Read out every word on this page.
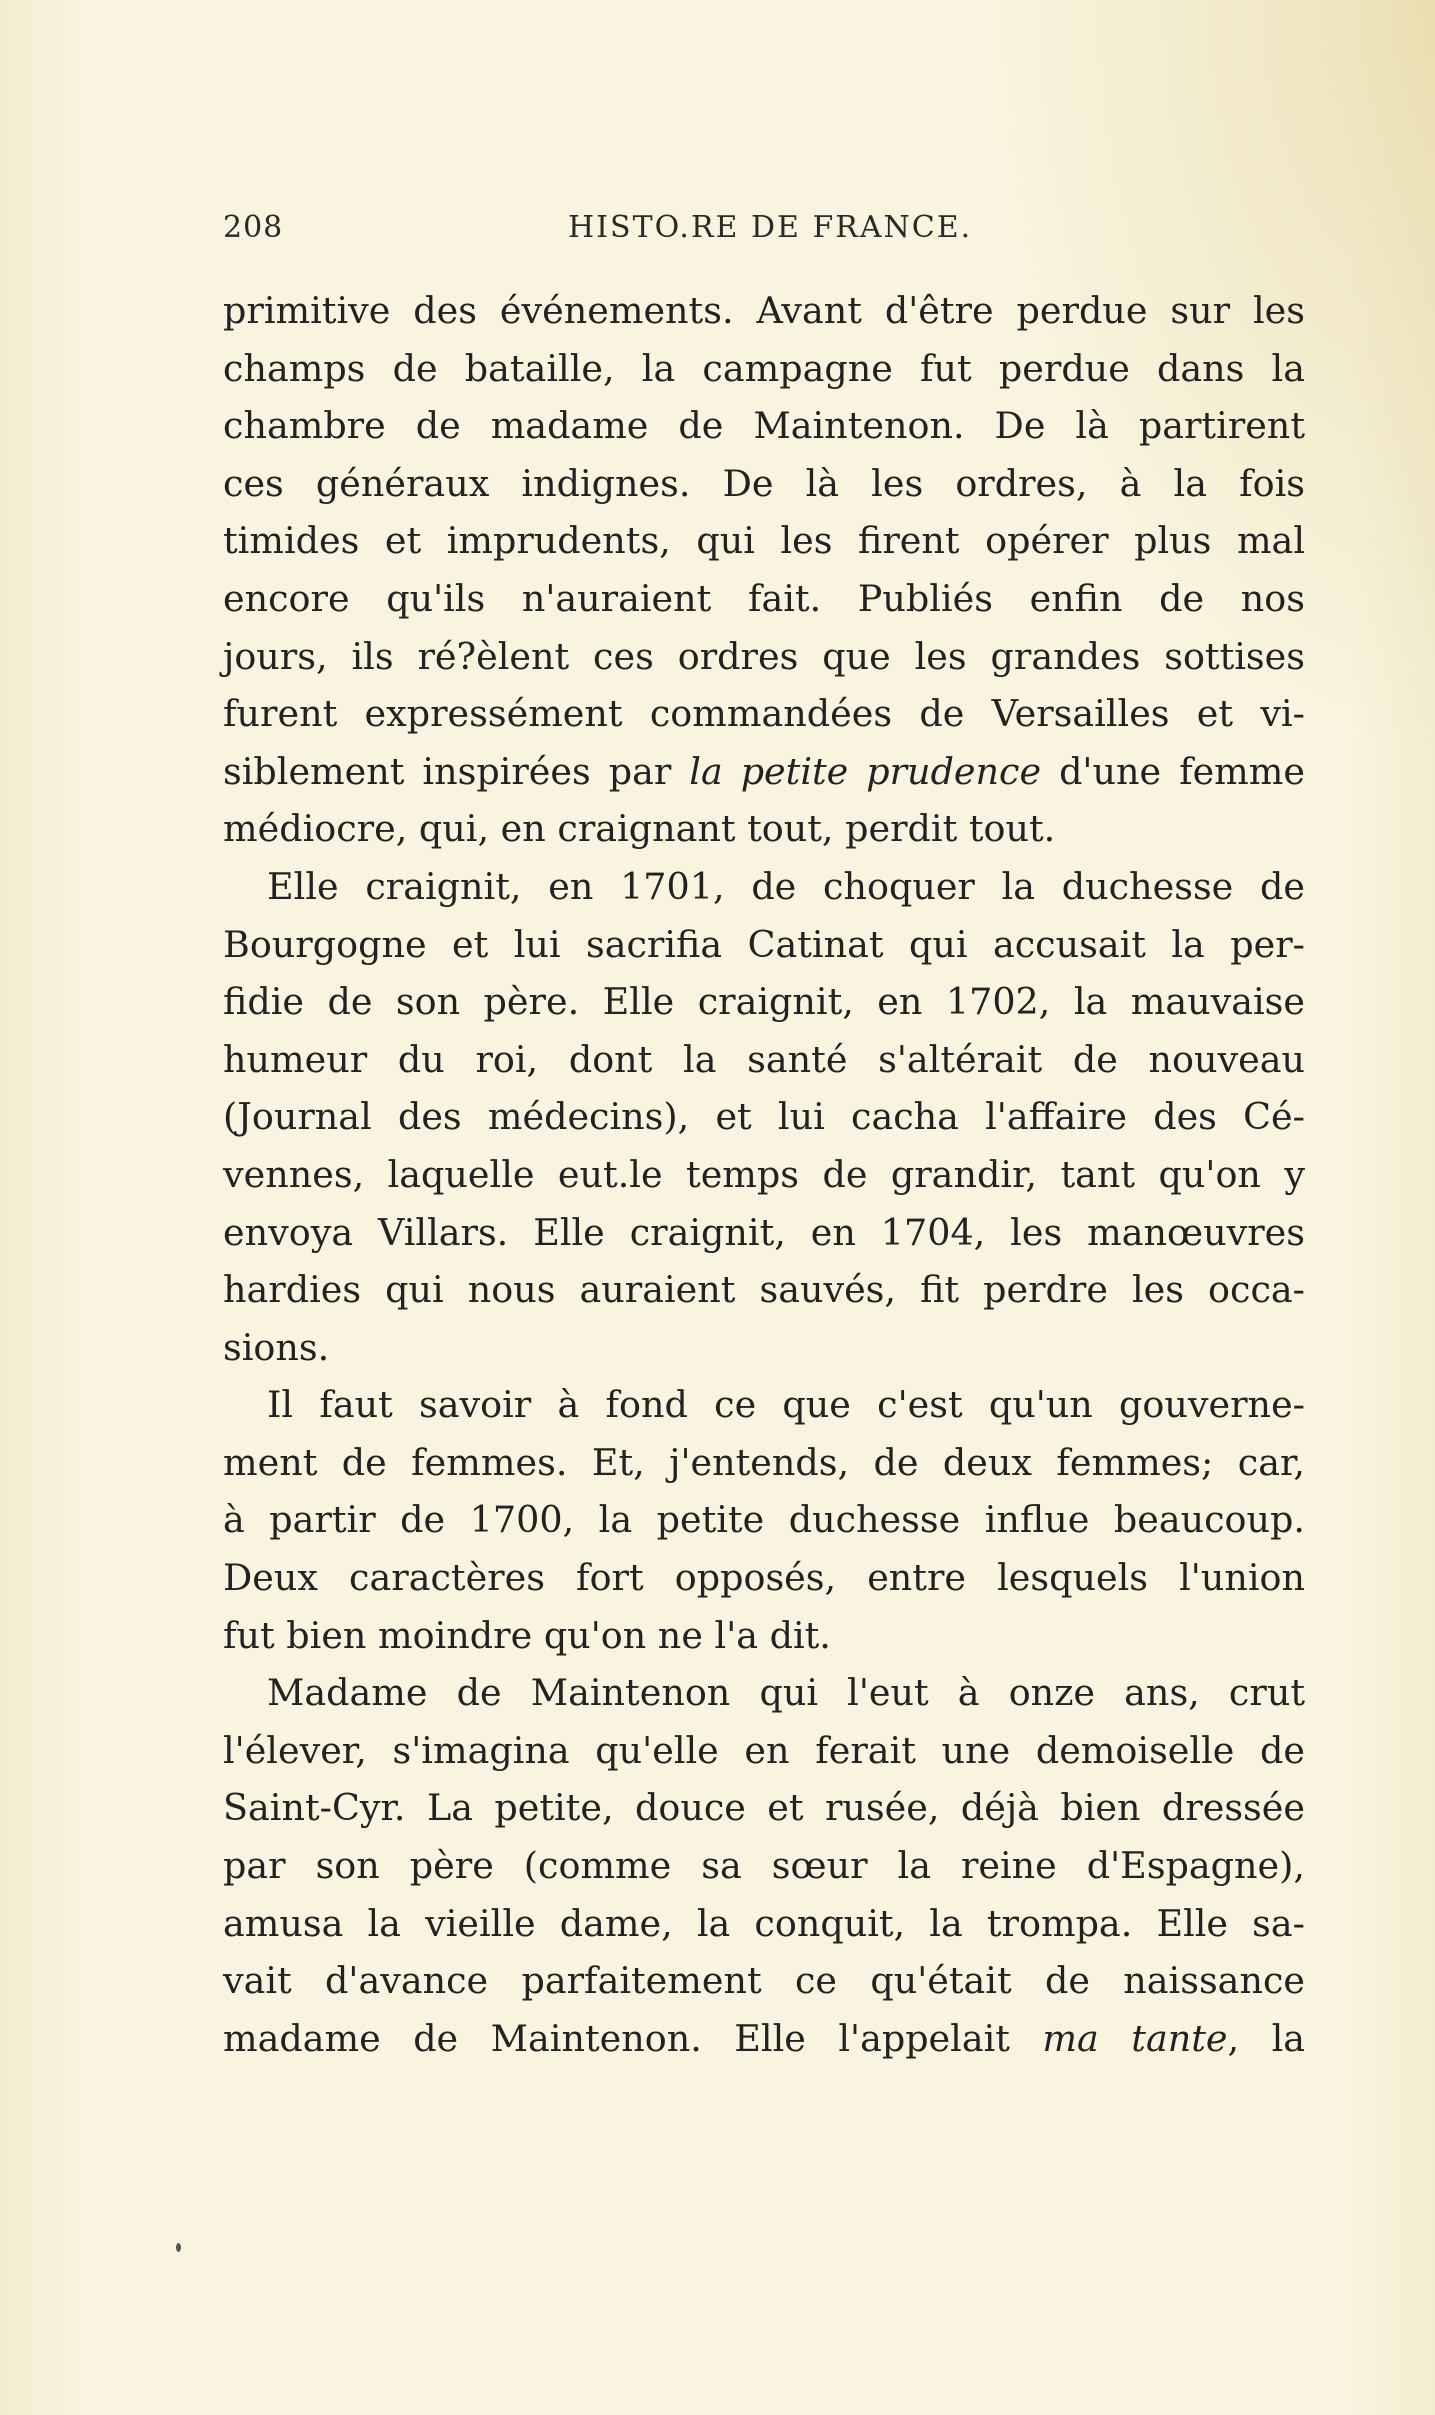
208	HISTO.RE DE FRANCE.
primitive des événements. Avant d'être perdue sur les
champs de bataille, la campagne fut perdue dans la
chambre de madame de Maintenon. De là partirent
ces généraux indignes. De là les ordres, à la fois
timides et imprudents, qui les firent opérer plus mal
encore qu'ils n'auraient fait. Publiés enfin de nos
jours, ils ré?èlent ces ordres que les grandes sottises
furent expressément commandées de Versailles et vi-
siblement inspirées par la petite prudence d'une femme
médiocre, qui, en craignant tout, perdit tout.
Elle craignit, en 1701, de choquer la duchesse de
Bourgogne et lui sacrifia Catinat qui accusait la per-
fidie de son père. Elle craignit, en 1702, la mauvaise
humeur du roi, dont la santé s'altérait de nouveau
(Journal des médecins), et lui cacha l'affaire des Cé-
vennes, laquelle eut.le temps de grandir, tant qu'on y
envoya Villars. Elle craignit, en 1704, les manœuvres
hardies qui nous auraient sauvés, fit perdre les occa-
sions.
Il faut savoir à fond ce que c'est qu'un gouverne-
ment de femmes. Et, j'entends, de deux femmes; car,
à partir de 1700, la petite duchesse influe beaucoup.
Deux caractères fort opposés, entre lesquels l'union
fut bien moindre qu'on ne l'a dit.
Madame de Maintenon qui l'eut à onze ans, crut
l'élever, s'imagina qu'elle en ferait une demoiselle de
Saint-Cyr. La petite, douce et rusée, déjà bien dressée
par son père (comme sa sœur la reine d'Espagne),
amusa la vieille dame, la conquit, la trompa. Elle sa-
vait d'avance parfaitement ce qu'était de naissance
madame de Maintenon. Elle l'appelait ma tante, la
